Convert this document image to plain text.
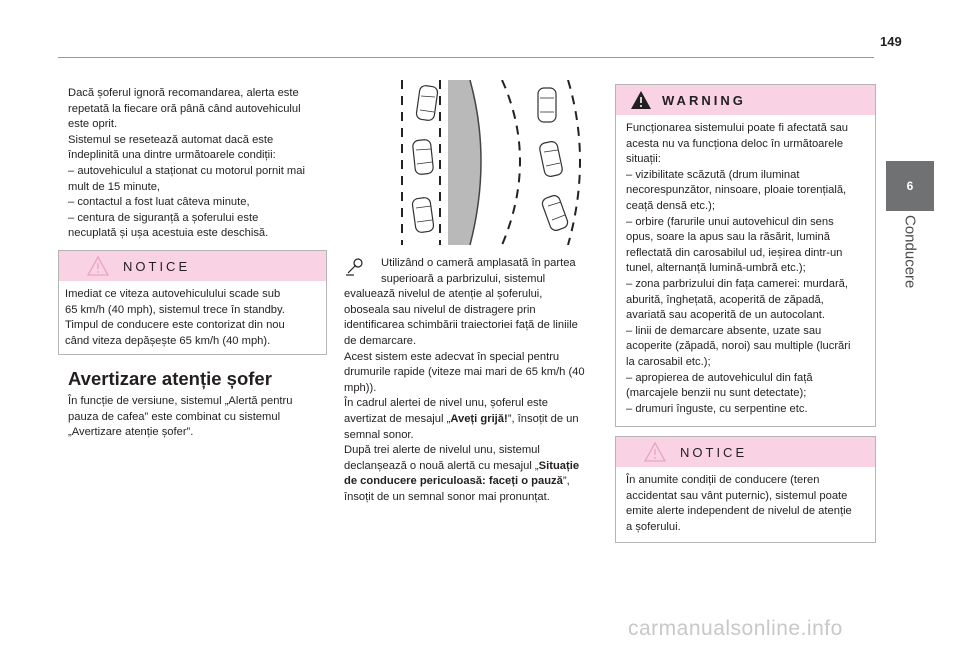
149
6
Conducere

Dacă șoferul ignoră recomandarea, alerta este

repetată la fiecare oră până când autovehiculul

este oprit.

Sistemul se resetează automat dacă este

îndeplinită una dintre următoarele condiții:

– autovehiculul a staționat cu motorul pornit mai

mult de 15 minute,

– contactul a fost luat câteva minute,

– centura de siguranță a șoferului este

necuplată și ușa acestuia este deschisă.

NOTICE

Imediat ce viteza autovehiculului scade sub

65 km/h (40 mph), sistemul trece în standby.

Timpul de conducere este contorizat din nou

când viteza depășește 65 km/h (40 mph).

Avertizare atenție șofer

În funcție de versiune, sistemul „Alertă pentru

pauza de cafea” este combinat cu sistemul

„Avertizare atenție șofer”.

Utilizând o cameră amplasată în partea

superioară a parbrizului, sistemul

evaluează nivelul de atenție al șoferului,

oboseala sau nivelul de distragere prin

identificarea schimbării traiectoriei față de liniile

de demarcare.

Acest sistem este adecvat în special pentru

drumurile rapide (viteze mai mari de 65 km/h (40

mph)).

În cadrul alertei de nivel unu, șoferul este

avertizat de mesajul „Aveți grijă!”, însoțit de un

semnal sonor.

După trei alerte de nivelul unu, sistemul

declanșează o nouă alertă cu mesajul „Situație

de conducere periculoasă: faceți o pauză”,

însoțit de un semnal sonor mai pronunțat.

WARNING

Funcționarea sistemului poate fi afectată sau

acesta nu va funcționa deloc în următoarele

situații:

– vizibilitate scăzută (drum iluminat

necorespunzător, ninsoare, ploaie torențială,

ceață densă etc.);

– orbire (farurile unui autovehicul din sens

opus, soare la apus sau la răsărit, lumină

reflectată din carosabilul ud, ieșirea dintr-un

tunel, alternanță lumină-umbră etc.);

– zona parbrizului din fața camerei: murdară,

aburită, înghețată, acoperită de zăpadă,

avariată sau acoperită de un autocolant.

– linii de demarcare absente, uzate sau

acoperite (zăpadă, noroi) sau multiple (lucrări

la carosabil etc.);

– apropierea de autovehiculul din față

(marcajele benzii nu sunt detectate);

– drumuri înguste, cu serpentine etc.

NOTICE

În anumite condiții de conducere (teren

accidentat sau vânt puternic), sistemul poate

emite alerte independent de nivelul de atenție

a șoferului.

carmanualsonline.info
